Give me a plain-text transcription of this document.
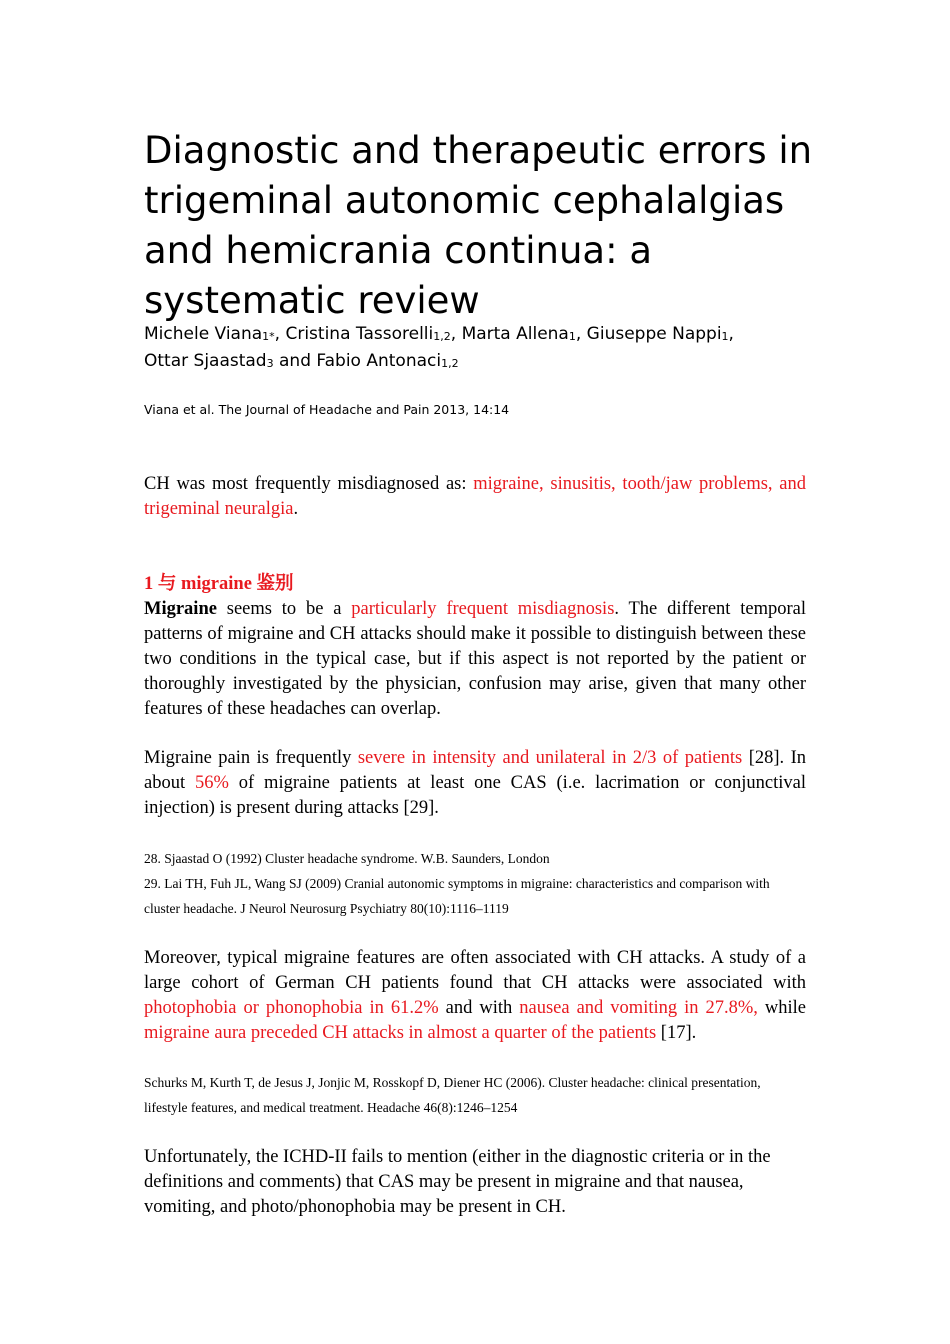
Diagnostic and therapeutic errors in trigeminal autonomic cephalalgias and hemicrania continua: a systematic review
Michele Viana$_{1*}$, Cristina Tassorelli$_{1,2}$, Marta Allena$_1$, Giuseppe Nappi$_1$,
Ottar Sjaastad$_3$ and Fabio Antonaci$_{1,2}$
Viana et al. The Journal of Headache and Pain 2013, 14:14

CH was most frequently misdiagnosed as: migraine, sinusitis, tooth/jaw problems, and trigeminal neuralgia.

1 与 migraine 鉴别

Migraine seems to be a particularly frequent misdiagnosis. The different temporal patterns of migraine and CH attacks should make it possible to distinguish between these two conditions in the typical case, but if this aspect is not reported by the patient or thoroughly investigated by the physician, confusion may arise, given that many other features of these headaches can overlap.

Migraine pain is frequently severe in intensity and unilateral in 2/3 of patients [28]. In about 56% of migraine patients at least one CAS (i.e. lacrimation or conjunctival injection) is present during attacks [29].

28. Sjaastad O (1992) Cluster headache syndrome. W.B. Saunders, London

29. Lai TH, Fuh JL, Wang SJ (2009) Cranial autonomic symptoms in migraine: characteristics and comparison with cluster headache. J Neurol Neurosurg Psychiatry 80(10):1116–1119

Moreover, typical migraine features are often associated with CH attacks. A study of a large cohort of German CH patients found that CH attacks were associated with photophobia or phonophobia in 61.2% and with nausea and vomiting in 27.8%, while migraine aura preceded CH attacks in almost a quarter of the patients [17].

Schurks M, Kurth T, de Jesus J, Jonjic M, Rosskopf D, Diener HC (2006). Cluster headache: clinical presentation, lifestyle features, and medical treatment. Headache 46(8):1246–1254

Unfortunately, the ICHD-II fails to mention (either in the diagnostic criteria or in the definitions and comments) that CAS may be present in migraine and that nausea, vomiting, and photo/phonophobia may be present in CH.
